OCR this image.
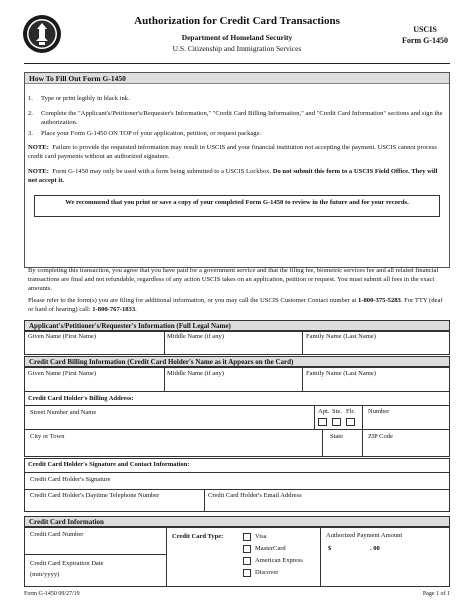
Authorization for Credit Card Transactions
Department of Homeland Security
U.S. Citizenship and Immigration Services
USCIS
Form G-1450
How To Fill Out Form G-1450
1. Type or print legibly in black ink.
2. Complete the "Applicant's/Petitioner's/Requester's Information," "Credit Card Billing Information," and "Credit Card Information" sections and sign the authorization.
3. Place your Form G-1450 ON TOP of your application, petition, or request package.
NOTE: Failure to provide the requested information may result in USCIS and your financial institution not accepting the payment. USCIS cannot process credit card payments without an authorized signature.
NOTE: Form G-1450 may only be used with a form being submitted to a USCIS Lockbox. Do not submit this form to a USCIS Field Office. They will not accept it.
We recommend that you print or save a copy of your completed Form G-1450 to review in the future and for your records.
By completing this transaction, you agree that you have paid for a government service and that the filing fee, biometric services fee and all related financial transactions are final and not refundable, regardless of any action USCIS takes on an application, petition or request. You must submit all fees in the exact amounts.
Please refer to the form(s) you are filing for additional information, or you may call the USCIS Customer Contact number at 1-800-375-5283. For TTY (deaf or hard of hearing) call: 1-800-767-1833.
Applicant's/Petitioner's/Requester's Information (Full Legal Name)
Given Name (First Name)	Middle Name (if any)	Family Name (Last Name)
Credit Card Billing Information (Credit Card Holder's Name as it Appears on the Card)
Given Name (First Name)	Middle Name (if any)	Family Name (Last Name)
Credit Card Holder's Billing Address:
Street Number and Name	Apt. Ste. Flr. Number
City or Town	State	ZIP Code
Credit Card Holder's Signature and Contact Information:
Credit Card Holder's Signature
Credit Card Holder's Daytime Telephone Number	Credit Card Holder's Email Address
Credit Card Information
Credit Card Number
Credit Card Expiration Date
(mm/yyyy)
Credit Card Type:	Visa
MasterCard
American Express
Discover
Authorized Payment Amount
$	. 00
Form G-1450 09/27/19	Page 1 of 1
